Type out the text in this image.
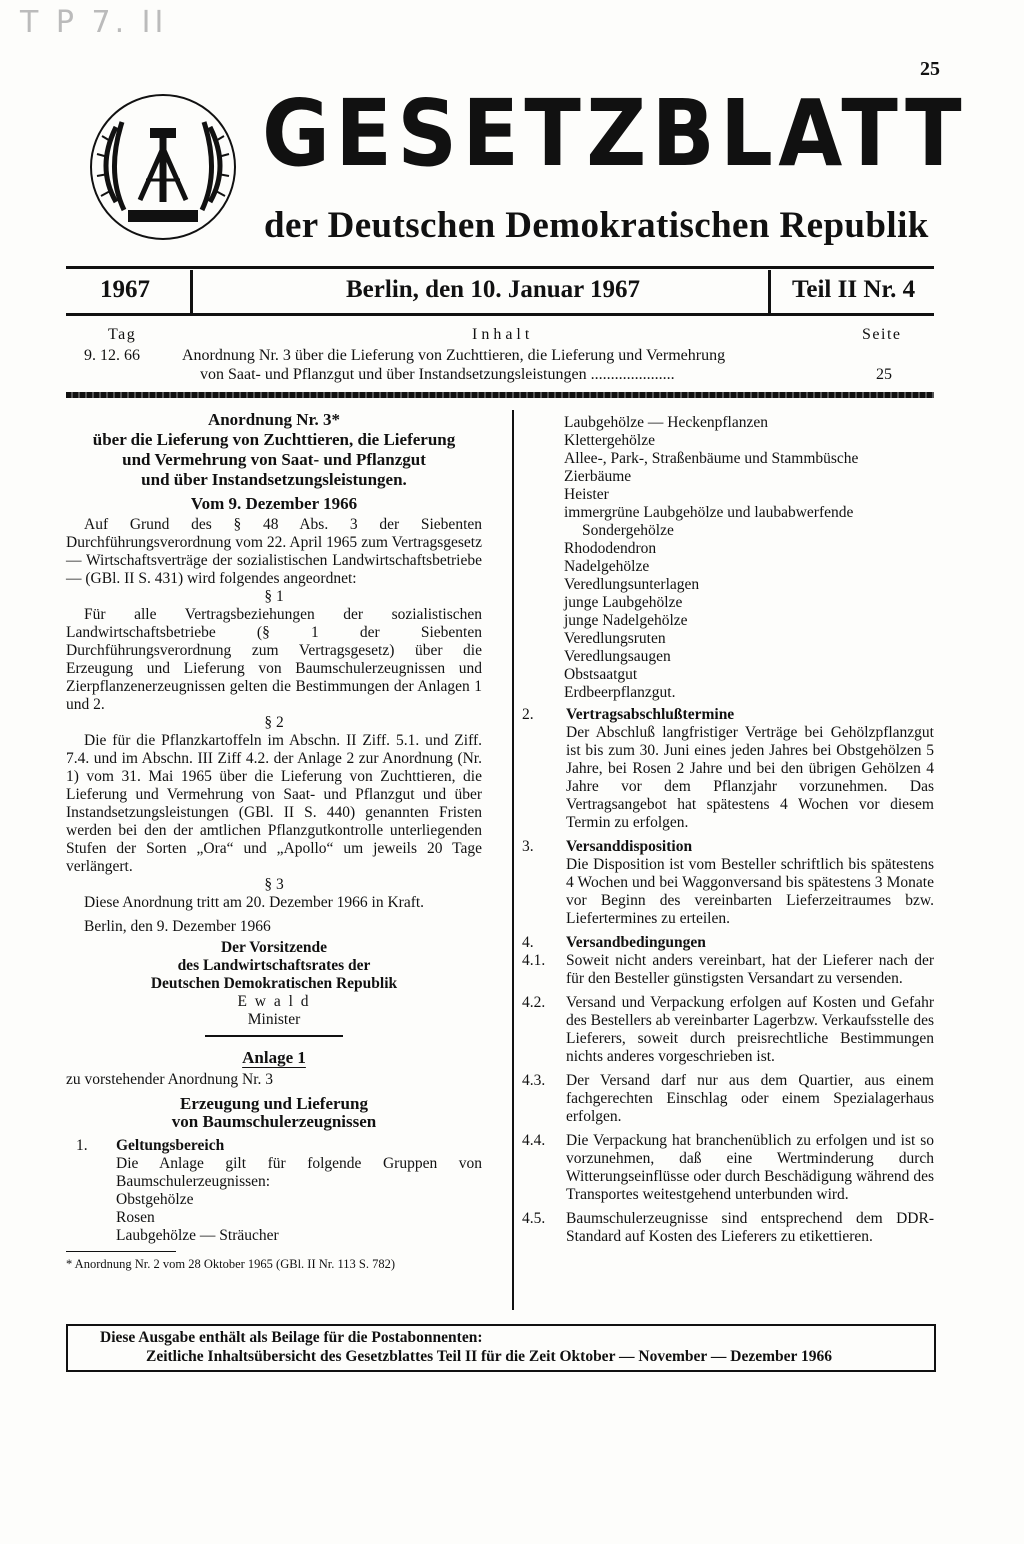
T P 7. II
25
GESETZBLATT
der Deutschen Demokratischen Republik
1967	Berlin, den 10. Januar 1967	Teil II Nr. 4
Tag	Inhalt	Seite
9. 12. 66	Anordnung Nr. 3 über die Lieferung von Zuchttieren, die Lieferung und Vermehrung
von Saat- und Pflanzgut und über Instandsetzungsleistungen .....................	25

Anordnung Nr. 3*

über die Lieferung von Zuchttieren, die Lieferung

und Vermehrung von Saat- und Pflanzgut

und über Instandsetzungsleistungen.

Vom 9. Dezember 1966

Auf Grund des § 48 Abs. 3 der Siebenten Durchführungsverordnung vom 22. April 1965 zum Vertragsgesetz — Wirtschaftsverträge der sozialistischen Landwirtschaftsbetriebe — (GBl. II S. 431) wird folgendes angeordnet:

§ 1

Für alle Vertragsbeziehungen der sozialistischen Landwirtschaftsbetriebe (§ 1 der Siebenten Durchführungsverordnung zum Vertragsgesetz) über die Erzeugung und Lieferung von Baumschulerzeugnissen und Zierpflanzenerzeugnissen gelten die Bestimmungen der Anlagen 1 und 2.

§ 2

Die für die Pflanzkartoffeln im Abschn. II Ziff. 5.1. und Ziff. 7.4. und im Abschn. III Ziff 4.2. der Anlage 2 zur Anordnung (Nr. 1) vom 31. Mai 1965 über die Lieferung von Zuchttieren, die Lieferung und Vermehrung von Saat- und Pflanzgut und über Instandsetzungsleistungen (GBl. II S. 440) genannten Fristen werden bei den der amtlichen Pflanzgutkontrolle unterliegenden Stufen der Sorten „Ora“ und „Apollo“ um jeweils 20 Tage verlängert.

§ 3

Diese Anordnung tritt am 20. Dezember 1966 in Kraft.

Berlin, den 9. Dezember 1966

Der Vorsitzende

des Landwirtschaftsrates der

Deutschen Demokratischen Republik

E w a l d

Minister

Anlage 1

zu vorstehender Anordnung Nr. 3

Erzeugung und Lieferung

von Baumschulerzeugnissen

1.	Geltungsbereich

Die Anlage gilt für folgende Gruppen von Baumschulerzeugnissen:

Obstgehölze
Rosen
Laubgehölze — Sträucher

* Anordnung Nr. 2 vom 28 Oktober 1965 (GBl. II Nr. 113 S. 782)

Laubgehölze — Heckenpflanzen
Klettergehölze
Allee-, Park-, Straßenbäume und Stammbüsche
Zierbäume
Heister
immergrüne Laubgehölze und laubabwerfende
Sondergehölze
Rhododendron
Nadelgehölze
Veredlungsunterlagen
junge Laubgehölze
junge Nadelgehölze
Veredlungsruten
Veredlungsaugen
Obstsaatgut
Erdbeerpflanzgut.
2.	Vertragsabschlußtermine

Der Abschluß langfristiger Verträge bei Gehölzpflanzgut ist bis zum 30. Juni eines jeden Jahres bei Obstgehölzen 5 Jahre, bei Rosen 2 Jahre und bei den übrigen Gehölzen 4 Jahre vor dem Pflanzjahr vorzunehmen. Das Vertragsangebot hat spätestens 4 Wochen vor diesem Termin zu erfolgen.

3.	Versanddisposition

Die Disposition ist vom Besteller schriftlich bis spätestens 4 Wochen und bei Waggonversand bis spätestens 3 Monate vor Beginn des vereinbarten Lieferzeitraumes bzw. Liefertermines zu erteilen.

4.	Versandbedingungen
4.1.	Soweit nicht anders vereinbart, hat der Lieferer nach der für den Besteller günstigsten Versandart zu versenden.
4.2.	Versand und Verpackung erfolgen auf Kosten und Gefahr des Bestellers ab vereinbarter Lagerbzw. Verkaufsstelle des Lieferers, soweit durch preisrechtliche Bestimmungen nichts anderes vorgeschrieben ist.
4.3.	Der Versand darf nur aus dem Quartier, aus einem fachgerechten Einschlag oder einem Spezialagerhaus erfolgen.
4.4.	Die Verpackung hat branchenüblich zu erfolgen und ist so vorzunehmen, daß eine Wertminderung durch Witterungseinflüsse oder durch Beschädigung während des Transportes weitestgehend unterbunden wird.
4.5.	Baumschulerzeugnisse sind entsprechend dem DDR-Standard auf Kosten des Lieferers zu etikettieren.
Diese Ausgabe enthält als Beilage für die Postabonnenten:
Zeitliche Inhaltsübersicht des Gesetzblattes Teil II für die Zeit Oktober — November — Dezember 1966
